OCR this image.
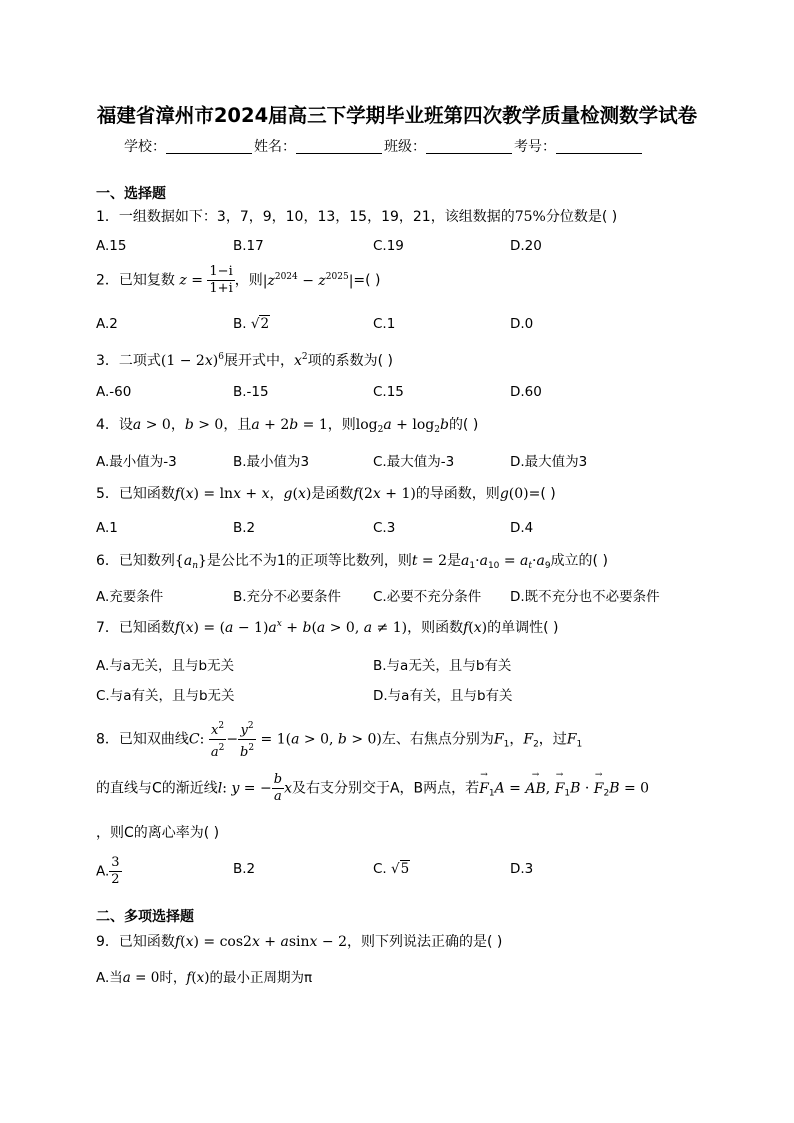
福建省漳州市2024届高三下学期毕业班第四次教学质量检测数学试卷
学校：	姓名：	班级：	考号：
一、选择题
1．一组数据如下：3，7，9，10，13，15，19，21，该组数据的75%分位数是( )
A.15	B.17	C.19	D.20
2．已知复数 $z = \frac{1-i}{1+i}$ ，则$|z^{2024} - z^{2025}|=$( )
A.2	B. √2	C.1	D.0
3．二项式$(1 - 2x)^6$展开式中，$x^2$项的系数为( )
A.-60	B.-15	C.15	D.60
4．设a > 0，b > 0，且a + 2b = 1，则$\log_2a + \log_2b$的( )
A.最小值为-3	B.最小值为3	C.最大值为-3	D.最大值为3
5．已知函数f(x) = lnx + x，g(x)是函数f(2x + 1)的导函数，则g(0)=( )
A.1	B.2	C.3	D.4
6．已知数列$\{a_n\}$是公比不为1的正项等比数列，则t = 2是$a_1\cdot a_{10} = a_t\cdot a_9$成立的( )
A.充要条件	B.充分不必要条件 C.必要不充分条件 D.既不充分也不必要条件
7．已知函数$f(x) = (a - 1)a^x + b(a > 0$, a ≠ 1)，则函数f(x)的单调性( )
A.与a无关，且与b无关	B.与a无关，且与b有关
C.与a有关，且与b无关	D.与a有关，且与b有关
8．已知双曲线C: $\frac{x^2}{a^2} - \frac{y^2}{b^2} = 1(a > 0$, b > 0)左、右焦点分别为$F_1$，$F_2$，过$F_1$
的直线与C的渐近线l: y = − $\frac{b}{a}$ x及右支分别交于A，B两点，若→ $F_1A$ = → AB, → $F_1B$ · → $F_2B = 0$
，则C的离心率为( )
A. $\frac{3}{2}$	B.2	C. √5	D.3
二、多项选择题
9．已知函数f(x) = cos2x + asinx − 2，则下列说法正确的是( )
A.当a = 0时，f(x)的最小正周期为π
